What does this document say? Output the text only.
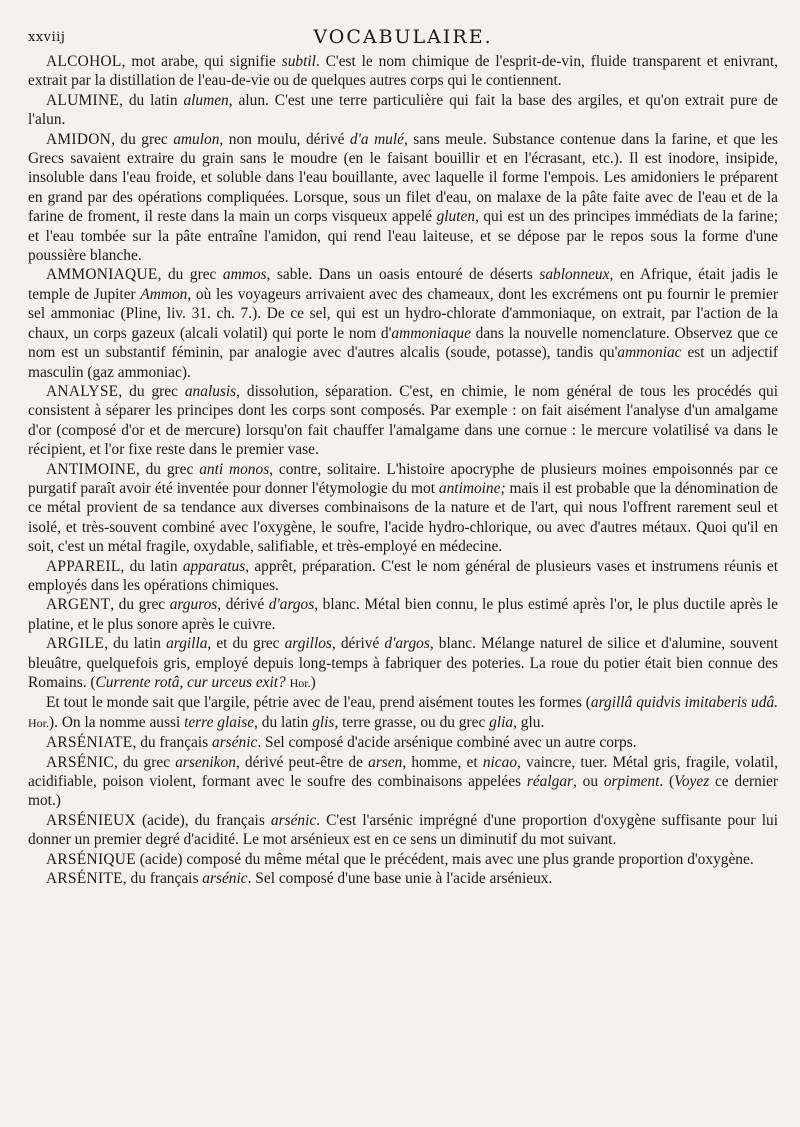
xxviij	VOCABULAIRE.

ALCOHOL, mot arabe, qui signifie subtil. C'est le nom chimique de l'esprit-de-vin, fluide transparent et enivrant, extrait par la distillation de l'eau-de-vie ou de quelques autres corps qui le contiennent.

ALUMINE, du latin alumen, alun. C'est une terre particulière qui fait la base des argiles, et qu'on extrait pure de l'alun.

AMIDON, du grec amulon, non moulu, dérivé d'a mulé, sans meule. Substance contenue dans la farine, et que les Grecs savaient extraire du grain sans le moudre (en le faisant bouillir et en l'écrasant, etc.). Il est inodore, insipide, insoluble dans l'eau froide, et soluble dans l'eau bouillante, avec laquelle il forme l'empois. Les amidoniers le préparent en grand par des opérations compliquées. Lorsque, sous un filet d'eau, on malaxe de la pâte faite avec de l'eau et de la farine de froment, il reste dans la main un corps visqueux appelé gluten, qui est un des principes immédiats de la farine; et l'eau tombée sur la pâte entraîne l'amidon, qui rend l'eau laiteuse, et se dépose par le repos sous la forme d'une poussière blanche.

AMMONIAQUE, du grec ammos, sable. Dans un oasis entouré de déserts sablonneux, en Afrique, était jadis le temple de Jupiter Ammon, où les voyageurs arrivaient avec des chameaux, dont les excrémens ont pu fournir le premier sel ammoniac (Pline, liv. 31. ch. 7.). De ce sel, qui est un hydro-chlorate d'ammoniaque, on extrait, par l'action de la chaux, un corps gazeux (alcali volatil) qui porte le nom d'ammoniaque dans la nouvelle nomenclature. Observez que ce nom est un substantif féminin, par analogie avec d'autres alcalis (soude, potasse), tandis qu'ammoniac est un adjectif masculin (gaz ammoniac).

ANALYSE, du grec analusis, dissolution, séparation. C'est, en chimie, le nom général de tous les procédés qui consistent à séparer les principes dont les corps sont composés. Par exemple : on fait aisément l'analyse d'un amalgame d'or (composé d'or et de mercure) lorsqu'on fait chauffer l'amalgame dans une cornue : le mercure volatilisé va dans le récipient, et l'or fixe reste dans le premier vase.

ANTIMOINE, du grec anti monos, contre, solitaire. L'histoire apocryphe de plusieurs moines empoisonnés par ce purgatif paraît avoir été inventée pour donner l'étymologie du mot antimoine; mais il est probable que la dénomination de ce métal provient de sa tendance aux diverses combinaisons de la nature et de l'art, qui nous l'offrent rarement seul et isolé, et très-souvent combiné avec l'oxygène, le soufre, l'acide hydro-chlorique, ou avec d'autres métaux. Quoi qu'il en soit, c'est un métal fragile, oxydable, salifiable, et très-employé en médecine.

APPAREIL, du latin apparatus, apprêt, préparation. C'est le nom général de plusieurs vases et instrumens réunis et employés dans les opérations chimiques.

ARGENT, du grec arguros, dérivé d'argos, blanc. Métal bien connu, le plus estimé après l'or, le plus ductile après le platine, et le plus sonore après le cuivre.

ARGILE, du latin argilla, et du grec argillos, dérivé d'argos, blanc. Mélange naturel de silice et d'alumine, souvent bleuâtre, quelquefois gris, employé depuis long-temps à fabriquer des poteries. La roue du potier était bien connue des Romains. (Currente rotâ, cur urceus exit? Hor.)

Et tout le monde sait que l'argile, pétrie avec de l'eau, prend aisément toutes les formes (argillâ quidvis imitaberis udâ. Hor.). On la nomme aussi terre glaise, du latin glis, terre grasse, ou du grec glia, glu.

ARSÉNIATE, du français arsénic. Sel composé d'acide arsénique combiné avec un autre corps.

ARSÉNIC, du grec arsenikon, dérivé peut-être de arsen, homme, et nicao, vaincre, tuer. Métal gris, fragile, volatil, acidifiable, poison violent, formant avec le soufre des combinaisons appelées réalgar, ou orpiment. (Voyez ce dernier mot.)

ARSÉNIEUX (acide), du français arsénic. C'est l'arsénic imprégné d'une proportion d'oxygène suffisante pour lui donner un premier degré d'acidité. Le mot arsénieux est en ce sens un diminutif du mot suivant.

ARSÉNIQUE (acide) composé du même métal que le précédent, mais avec une plus grande proportion d'oxygène.

ARSÉNITE, du français arsénic. Sel composé d'une base unie à l'acide arsénieux.
